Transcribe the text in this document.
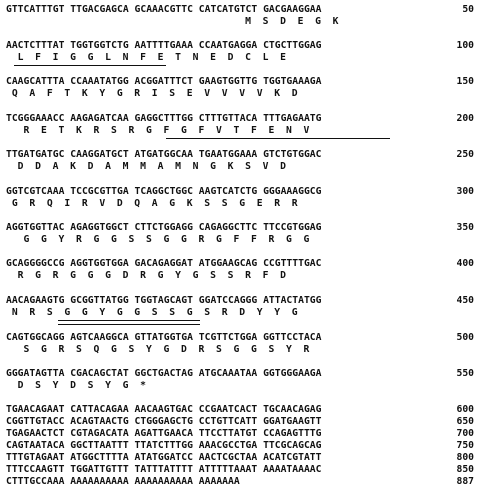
GTTCATTTGT TTGACGAGCA GCAAACGTTC CATCATGTCT GACGAAGGAA	50
M  S  D  E  G  K
AACTCTTTAT TGGTGGTCTG AATTTTGAAA CCAATGAGGA CTGCTTGGAG	100
L  F  I  G  G  L  N  F  E  T  N  E  D  C  L  E
CAAGCATTTA CCAAATATGG ACGGATTTCT GAAGTGGTTG TGGTGAAAGA	150
Q  A  F  T  K  Y  G  R  I  S  E  V  V  V  V  K  D
TCGGGAAACC AAGAGATCAA GAGGCTTTGG CTTTGTTACA TTTGAGAATG	200
R  E  T  K  R  S  R  G  F  G  F  V  T  F  E  N  V
TTGATGATGC CAAGGATGCT ATGATGGCAA TGAATGGAAA GTCTGTGGAC	250
D  D  A  K  D  A  M  M  A  M  N  G  K  S  V  D
GGTCGTCAAA TCCGCGTTGA TCAGGCTGGC AAGTCATCTG GGGAAAGGCG	300
G  R  Q  I  R  V  D  Q  A  G  K  S  S  G  E  R  R
AGGTGGTTAC AGAGGTGGCT CTTCTGGAGG CAGAGGCTTC TTCCGTGGAG	350
G  G  Y  R  G  G  S  S  G  G  R  G  F  F  R  G  G
GCAGGGGCCG AGGTGGTGGA GACAGAGGAT ATGGAAGCAG CCGTTTTGAC	400
R  G  R  G  G  G  D  R  G  Y  G  S  S  R  F  D
AACAGAAGTG GCGGTTATGG TGGTAGCAGT GGATCCAGGG ATTACTATGG	450
N  R  S  G  G  Y  G  G  S  S  G  S  R  D  Y  Y  G
CAGTGGCAGG AGTCAAGGCA GTTATGGTGA TCGTTCTGGA GGTTCCTACA	500
S  G  R  S  Q  G  S  Y  G  D  R  S  G  G  S  Y  R
GGGATAGTTA CGACAGCTAT GGCTGACTAG ATGCAAATAA GGTGGGAAGA	550
D  S  Y  D  S  Y  G  *
TGAACAGAAT CATTACAGAA AACAAGTGAC CCGAATCACT TGCAACAGAG	600
CGGTTGTACC ACAGTAACTG CTGGGAGCTG CCTGTTCATT GGATGAAGTT	650
TGAGAACTCT CGTAGACATA AGATTGAACA TTCCTTATGT CCAGAGTTTG	700
CAGTAATACA GGCTTAATTT TTATCTTTGG AAACGCCTGA TTCGCAGCAG	750
TTTGTAGAAT ATGGCTTTTA ATATGGATCC AACTCGCTAA ACATCGTATT	800
TTTCCAAGTT TGGATTGTTT TATTTATTTT ATTTTTAAAT AAAATAAAAC	850
CTTTGCCAAA AAAAAAAAAA AAAAAAAAAA AAAAAAA	887
